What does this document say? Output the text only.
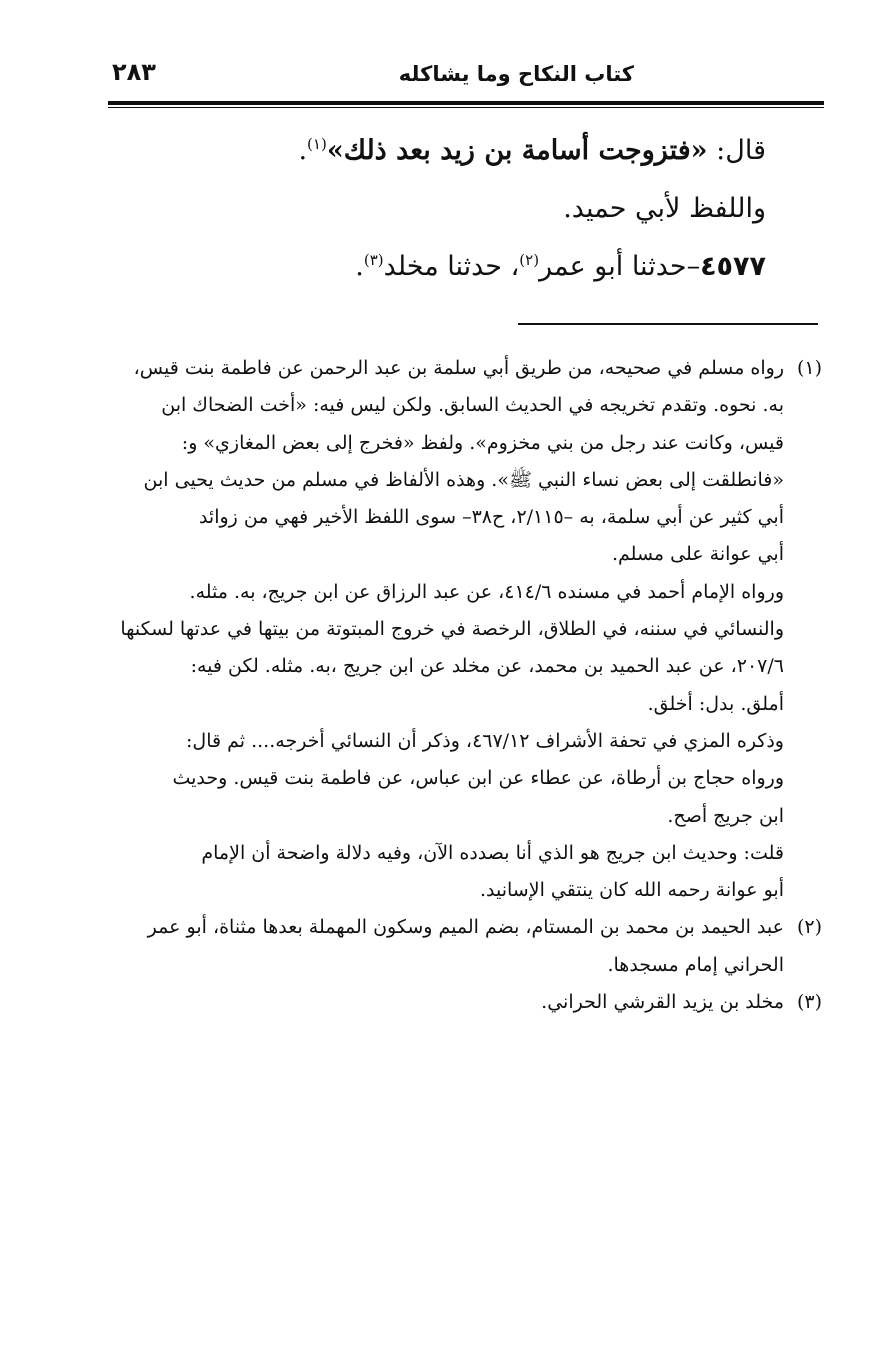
كتاب النكاح وما يشاكله
٢٨٣
قال: «فتزوجت أسامة بن زيد بعد ذلك»$^{(١)}$.
واللفظ لأبي حميد.
٤٥٧٧–حدثنا أبو عمر$^{(٢)}$، حدثنا مخلد$^{(٣)}$.
(١)رواه مسلم في صحيحه، من طريق أبي سلمة بن عبد الرحمن عن فاطمة بنت قيس،
به. نحوه. وتقدم تخريجه في الحديث السابق. ولكن ليس فيه: «أخت الضحاك ابن
قيس، وكانت عند رجل من بني مخزوم». ولفظ «فخرج إلى بعض المغازي» و:
«فانطلقت إلى بعض نساء النبي ﷺ». وهذه الألفاظ في مسلم من حديث يحيى ابن
أبي كثير عن أبي سلمة، به –٢/١١٥، ح٣٨– سوى اللفظ الأخير فهي من زوائد
أبي عوانة على مسلم.
ورواه الإمام أحمد في مسنده ٤١٤/٦، عن عبد الرزاق عن ابن جريج، به. مثله.
والنسائي في سننه، في الطلاق، الرخصة في خروج المبتوتة من بيتها في عدتها لسكنها
٢٠٧/٦، عن عبد الحميد بن محمد، عن مخلد عن ابن جريج ،به. مثله. لكن فيه:
أملق. بدل: أخلق.
وذكره المزي في تحفة الأشراف ٤٦٧/١٢، وذكر أن النسائي أخرجه.... ثم قال:
ورواه حجاج بن أرطاة، عن عطاء عن ابن عباس، عن فاطمة بنت قيس. وحديث
ابن جريج أصح.
قلت: وحديث ابن جريج هو الذي أنا بصدده الآن، وفيه دلالة واضحة أن الإمام
أبو عوانة رحمه الله كان ينتقي الإسانيد.
(٢)عبد الحيمد بن محمد بن المستام، بضم الميم وسكون المهملة بعدها مثناة، أبو عمر
الحراني إمام مسجدها.
(٣)مخلد بن يزيد القرشي الحراني.
